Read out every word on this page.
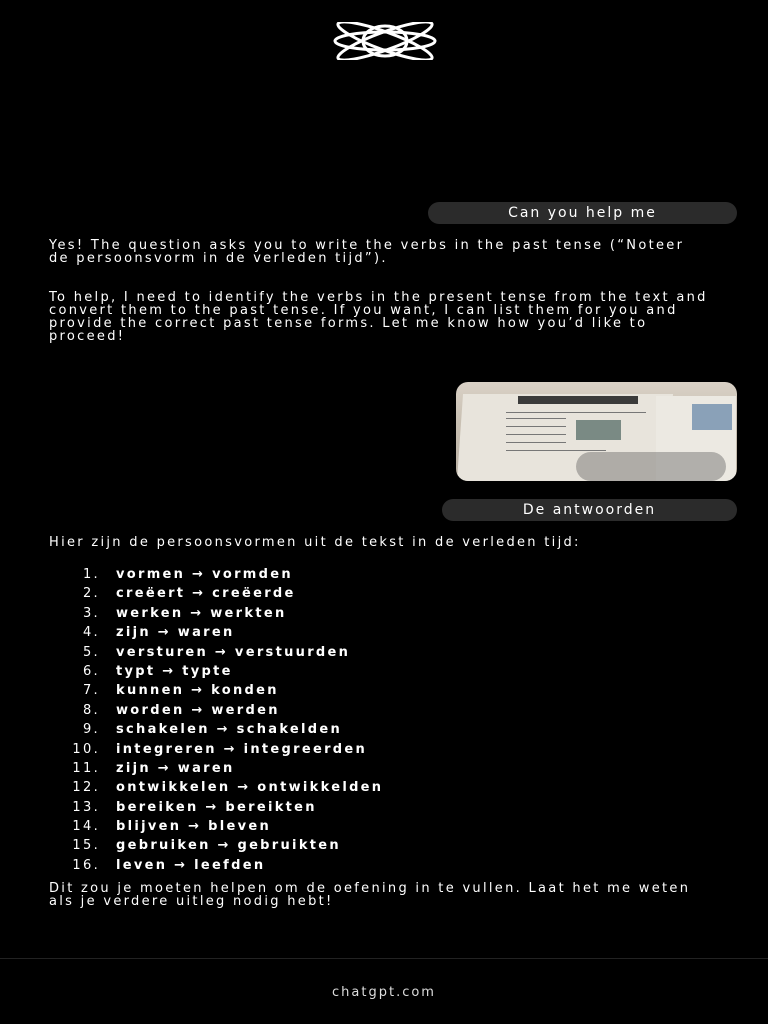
Can you help me

Yes! The question asks you to write the verbs in the past tense (“Noteer de persoonsvorm in de verleden tijd”).

To help, I need to identify the verbs in the present tense from the text and convert them to the past tense. If you want, I can list them for you and provide the correct past tense forms. Let me know how you’d like to proceed!

De antwoorden

Hier zijn de persoonsvormen uit de tekst in de verleden tijd:

1. vormen → vormden
2. creëert → creëerde
3. werken → werkten
4. zijn → waren
5. versturen → verstuurden
6. typt → typte
7. kunnen → konden
8. worden → werden
9. schakelen → schakelden
10. integreren → integreerden
11. zijn → waren
12. ontwikkelen → ontwikkelden
13. bereiken → bereikten
14. blijven → bleven
15. gebruiken → gebruikten
16. leven → leefden

Dit zou je moeten helpen om de oefening in te vullen. Laat het me weten als je verdere uitleg nodig hebt!

chatgpt.com
